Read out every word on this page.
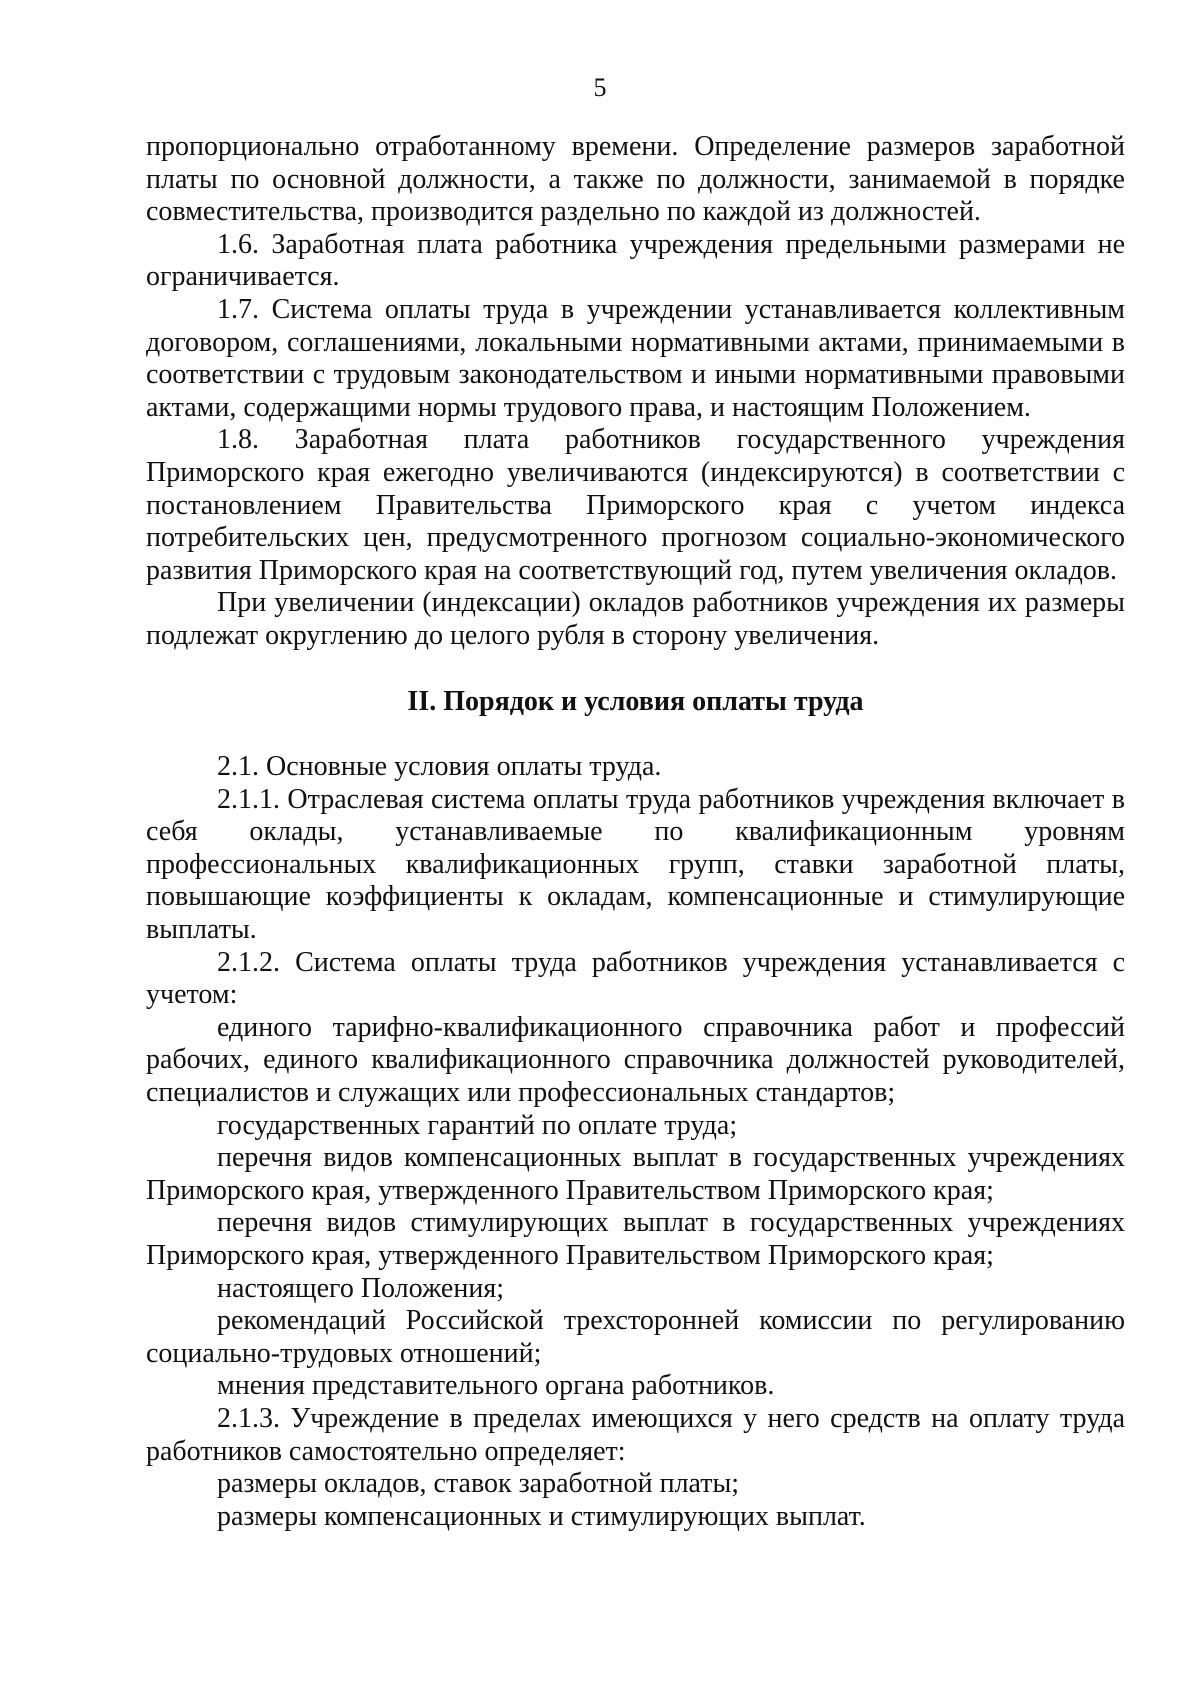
5

пропорционально отработанному времени. Определение размеров заработной платы по основной должности, а также по должности, занимаемой в порядке совместительства, производится раздельно по каждой из должностей.

1.6. Заработная плата работника учреждения предельными размерами не ограничивается.

1.7. Система оплаты труда в учреждении устанавливается коллективным договором, соглашениями, локальными нормативными актами, принимаемыми в соответствии с трудовым законодательством и иными нормативными правовыми актами, содержащими нормы трудового права, и настоящим Положением.

1.8. Заработная плата работников государственного учреждения Приморского края ежегодно увеличиваются (индексируются) в соответствии с постановлением Правительства Приморского края с учетом индекса потребительских цен, предусмотренного прогнозом социально-экономического развития Приморского края на соответствующий год, путем увеличения окладов.

При увеличении (индексации) окладов работников учреждения их размеры подлежат округлению до целого рубля в сторону увеличения.

II. Порядок и условия оплаты труда

2.1. Основные условия оплаты труда.

2.1.1. Отраслевая система оплаты труда работников учреждения включает в себя оклады, устанавливаемые по квалификационным уровням профессиональных квалификационных групп, ставки заработной платы, повышающие коэффициенты к окладам, компенсационные и стимулирующие выплаты.

2.1.2. Система оплаты труда работников учреждения устанавливается с учетом:

единого тарифно-квалификационного справочника работ и профессий рабочих, единого квалификационного справочника должностей руководителей, специалистов и служащих или профессиональных стандартов;

государственных гарантий по оплате труда;

перечня видов компенсационных выплат в государственных учреждениях Приморского края, утвержденного Правительством Приморского края;

перечня видов стимулирующих выплат в государственных учреждениях Приморского края, утвержденного Правительством Приморского края;

настоящего Положения;

рекомендаций Российской трехсторонней комиссии по регулированию социально-трудовых отношений;

мнения представительного органа работников.

2.1.3. Учреждение в пределах имеющихся у него средств на оплату труда работников самостоятельно определяет:

размеры окладов, ставок заработной платы;

размеры компенсационных и стимулирующих выплат.
